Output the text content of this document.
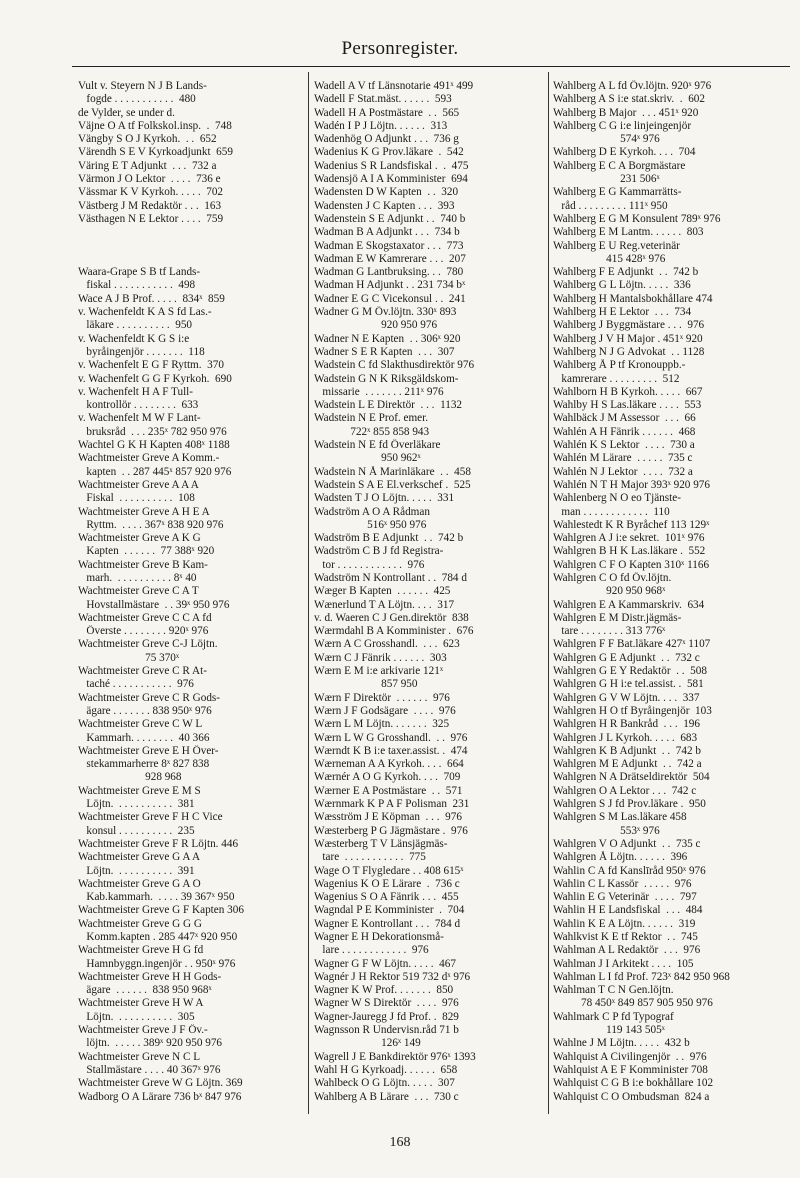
Personregister.
Vult v. Steyern N J B Lands-
fogde . . . . . . . . . . .  480
de Vylder, se under d.
Väjne O A tf Folkskol.insp.  .  748
Vängby S O J Kyrkoh.  . .  652
Värendh S E V Kyrkoadjunkt  659
Väring E T Adjunkt  . . .  732 a
Värmon J O Lektor  . . . .  736 e
Vässmar K V Kyrkoh. . . . .  702
Västberg J M Redaktör . . .  163
Västhagen N E Lektor . . . .  759

Waara-Grape S B tf Lands-
fiskal . . . . . . . . . . .  498
Wace A J B Prof. . . . .  834ˣ  859
v. Wachenfeldt K A S fd Las.-
läkare . . . . . . . . . .  950
v. Wachenfeldt K G S i:e
byråingenjör . . . . . . .  118
v. Wachenfelt E G F Ryttm.  370
v. Wachenfelt G G F Kyrkoh.  690
v. Wachenfelt H A F Tull-
kontrollör . . . . . . . .  633
v. Wachenfelt M W F Lant-
bruksråd  . . . 235ˣ 782 950 976
Wachtel G K H Kapten 408ˣ 1188
Wachtmeister Greve A Komm.-
kapten  . . 287 445ˣ 857 920 976
Wachtmeister Greve A A A
Fiskal  . . . . . . . . . .  108
Wachtmeister Greve A H E A
Ryttm.  . . . . 367ˣ 838 920 976
Wachtmeister Greve A K G
Kapten  . . . . . .  77 388ˣ 920
Wachtmeister Greve B Kam-
marh.  . . . . . . . . . . 8ˣ 40
Wachtmeister Greve C A T
Hovstallmästare  . . 39ˣ 950 976
Wachtmeister Greve C C A fd
Överste . . . . . . . . 920ˣ 976
Wachtmeister Greve C-J Löjtn.
75 370ˣ
Wachtmeister Greve C R At-
taché . . . . . . . . . . .  976
Wachtmeister Greve C R Gods-
ägare . . . . . . . 838 950ˣ 976
Wachtmeister Greve C W L
Kammarh. . . . . . . .  40 366
Wachtmeister Greve E H Över-
stekammarherre 8ˣ 827 838
928 968
Wachtmeister Greve E M S
Löjtn.  . . . . . . . . . .  381
Wachtmeister Greve F H C Vice
konsul . . . . . . . . . .  235
Wachtmeister Greve F R Löjtn. 446
Wachtmeister Greve G A A
Löjtn.  . . . . . . . . . .  391
Wachtmeister Greve G A O
Kab.kammarh.  . . . . 39 367ˣ 950
Wachtmeister Greve G F Kapten 306
Wachtmeister Greve G G G
Komm.kapten . 285 447ˣ 920 950
Wachtmeister Greve H G fd
Hamnbyggn.ingenjör . . 950ˣ 976
Wachtmeister Greve H H Gods-
ägare  . . . . . .  838 950 968ˣ
Wachtmeister Greve H W A
Löjtn.  . . . . . . . . . .  305
Wachtmeister Greve J F Öv.-
löjtn.  . . . . . 389ˣ 920 950 976
Wachtmeister Greve N C L
Stallmästare . . . . 40 367ˣ 976
Wachtmeister Greve W G Löjtn. 369
Wadborg O A Lärare 736 bˣ 847 976
Wadell A V tf Länsnotarie 491ˣ 499
Wadell F Stat.mäst. . . . . .  593
Wadell H A Postmästare  . .  565
Wadén I P J Löjtn. . . . . .  313
Wadenhög O Adjunkt . . .  736 g
Wadenius K G Prov.läkare  .  542
Wadenius S R Landsfiskal .  .  475
Wadensjö A I A Komminister  694
Wadensten D W Kapten  . .  320
Wadensten J C Kapten . . .  393
Wadenstein S E Adjunkt . .  740 b
Wadman B A Adjunkt . . .  734 b
Wadman E Skogstaxator . . .  773
Wadman E W Kamrerare . . .  207
Wadman G Lantbruksing. . .  780
Wadman H Adjunkt . . 231 734 bˣ
Wadner E G C Vicekonsul . .  241
Wadner G M Öv.löjtn. 330ˣ 893
920 950 976
Wadner N E Kapten  . . 306ˣ 920
Wadner S E R Kapten  . . .  307
Wadstein C fd Slakthusdirektör 976
Wadstein G N K Riksgäldskom-
missarie  . . . . . . . 211ˣ 976
Wadstein L E Direktör  . . .  1132
Wadstein N E Prof. emer.
722ˣ 855 858 943
Wadstein N E fd Överläkare
950 962ˣ
Wadstein N Å Marinläkare  . .  458
Wadstein S A E El.verkschef .  525
Wadsten T J O Löjtn. . . . .  331
Wadström A O A Rådman
516ˣ 950 976
Wadström B E Adjunkt  . .  742 b
Wadström C B J fd Registra-
tor . . . . . . . . . . . .  976
Wadström N Kontrollant . .  784 d
Wæger B Kapten  . . . . . .  425
Wænerlund T A Löjtn. . . .  317
v. d. Waeren C J Gen.direktör  838
Wærmdahl B A Komminister .  676
Wærn A C Grosshandl.  . . .  623
Wærn C J Fänrik . . . . . .  303
Wærn E M i:e arkivarie 121ˣ
857 950
Wærn F Direktör  . . . . . .  976
Wærn J F Godsägare  . . . .  976
Wærn L M Löjtn. . . . . . .  325
Wærn L W G Grosshandl.  . .  976
Wærndt K B i:e taxer.assist. .  474
Wærneman A A Kyrkoh. . . .  664
Wærnér A O G Kyrkoh. . . .  709
Wærner E A Postmästare  . .  571
Wærnmark K P A F Polisman  231
Wæsström J E Köpman  . . .  976
Wæsterberg P G Jägmästare .  976
Wæsterberg T V Länsjägmäs-
tare  . . . . . . . . . . .  775
Wage O T Flygledare . . 408 615ˣ
Wagenius K O E Lärare  .  736 c
Wagenius S O A Fänrik . . .  455
Wagndal P E Komminister  .  704
Wagner E Kontrollant . . .  784 d
Wagner E H Dekorationsmå-
lare . . . . . . . . . . . .  976
Wagner G F W Löjtn. . . . .  467
Wagnér J H Rektor 519 732 dˣ 976
Wagner K W Prof. . . . . . .  850
Wagner W S Direktör  . . . .  976
Wagner-Jauregg J fd Prof. .  829
Wagnsson R Undervisn.råd 71 b
126ˣ 149
Wagrell J E Bankdirektör 976ˣ 1393
Wahl H G Kyrkoadj. . . . . .  658
Wahlbeck O G Löjtn. . . . .  307
Wahlberg A B Lärare  . . .  730 c
Wahlberg A L fd Öv.löjtn. 920ˣ 976
Wahlberg A S i:e stat.skriv.  .  602
Wahlberg B Major  . . . 451ˣ 920
Wahlberg C G i:e linjeingenjör
574ˣ 976
Wahlberg D E Kyrkoh. . . .  704
Wahlberg E C A Borgmästare
231 506ˣ
Wahlberg E G Kammarrätts-
råd . . . . . . . . . 111ˣ 950
Wahlberg E G M Konsulent 789ˣ 976
Wahlberg E M Lantm. . . . . .  803
Wahlberg E U Reg.veterinär
415 428ˣ 976
Wahlberg F E Adjunkt  . .  742 b
Wahlberg G L Löjtn. . . . .  336
Wahlberg H Mantalsbokhållare 474
Wahlberg H E Lektor  . . .  734
Wahlberg J Byggmästare . . .  976
Wahlberg J V H Major . 451ˣ 920
Wahlberg N J G Advokat  . . 1128
Wahlberg Å P tf Kronouppb.-
kamrerare . . . . . . . . .  512
Wahlborn H B Kyrkoh. . . . .  667
Wahlby H S Las.läkare . . . .  553
Wahlbäck J M Assessor  . . .  66
Wahlén A H Fänrik . . . . . .  468
Wahlén K S Lektor  . . . .  730 a
Wahlén M Lärare  . . . . .  735 c
Wahlén N J Lektor  . . . .  732 a
Wahlén N T H Major 393ˣ 920 976
Wahlenberg N O eo Tjänste-
man . . . . . . . . . . . .  110
Wahlestedt K R Byråchef 113 129ˣ
Wahlgren A J i:e sekret.  101ˣ 976
Wahlgren B H K Las.läkare .  552
Wahlgren C F O Kapten 310ˣ 1166
Wahlgren C O fd Öv.löjtn.
920 950 968ˣ
Wahlgren E A Kammarskriv.  634
Wahlgren E M Distr.jägmäs-
tare . . . . . . . . 313 776ˣ
Wahlgren F F Bat.läkare 427ˣ 1107
Wahlgren G E Adjunkt  . .  732 c
Wahlgren G E Y Redaktör  . .  508
Wahlgren G H i:e tel.assist. .  581
Wahlgren G V W Löjtn. . . .  337
Wahlgren H O tf Byråingenjör  103
Wahlgren H R Bankråd  . . .  196
Wahlgren J L Kyrkoh. . . . .  683
Wahlgren K B Adjunkt  . .  742 b
Wahlgren M E Adjunkt  . .  742 a
Wahlgren N A Drätseldirektör  504
Wahlgren O A Lektor . . .  742 c
Wahlgren S J fd Prov.läkare .  950
Wahlgren S M Las.läkare 458
553ˣ 976
Wahlgren V O Adjunkt  . .  735 c
Wahlgren Å Löjtn. . . . . .  396
Wahlin C A fd Kanslīråd 950ˣ 976
Wahlin C L Kassör  . . . . .  976
Wahlin E G Veterinär  . . . .  797
Wahlin H E Landsfiskal  . . .  484
Wahlin K E A Löjtn. . . . . .  319
Wahlkvist K E tf Rektor  . .  745
Wahlman A L Redaktör  . . .  976
Wahlman J I Arkitekt . . . .  105
Wahlman L I fd Prof. 723ˣ 842 950 968
Wahlman T C N Gen.löjtn.
78 450ˣ 849 857 905 950 976
Wahlmark C P fd Typograf
119 143 505ˣ
Wahlne J M Löjtn. . . . .  432 b
Wahlquist A Civilingenjör  . .  976
Wahlquist A E F Komminister 708
Wahlquist C G B i:e bokhållare 102
Wahlquist C O Ombudsman  824 a
168
